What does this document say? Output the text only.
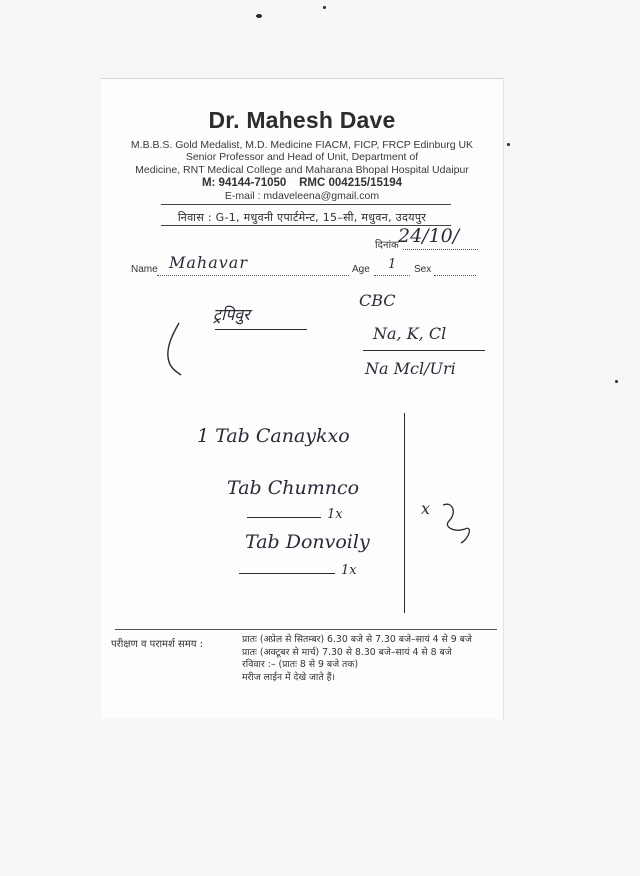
Dr. Mahesh Dave
M.B.B.S. Gold Medalist, M.D. Medicine FIACM, FICP, FRCP Edinburg UK
Senior Professor and Head of Unit, Department of
Medicine, RNT Medical College and Maharana Bhopal Hospital Udaipur
M: 94144-71050 RMC 004215/15194
E-mail : mdaveleena@gmail.com
निवास : G-1, मधुवनी एपार्टमेन्ट, 15–सी, मधुवन, उदयपुर
दिनांक 24/10/
Name Mahavar	Age 1 Sex
ट्रपिवुर
CBC
Na, K, Cl
Na Mcl/Uri
1 Tab Canaykxo
Tab Chumnco
1x
Tab Donvoily
1x
x
परीक्षण व परामर्श समय :	प्रातः (अप्रेल से सितम्बर) 6.30 बजे से 7.30 बजे–सायं 4 से 9 बजे
प्रातः (अक्टूबर से मार्च) 7.30 से 8.30 बजे–सायं 4 से 8 बजे
रविवार :– (प्रातः 8 से 9 बजे तक)
मरीज लाईन में देखे जाते हैं।
